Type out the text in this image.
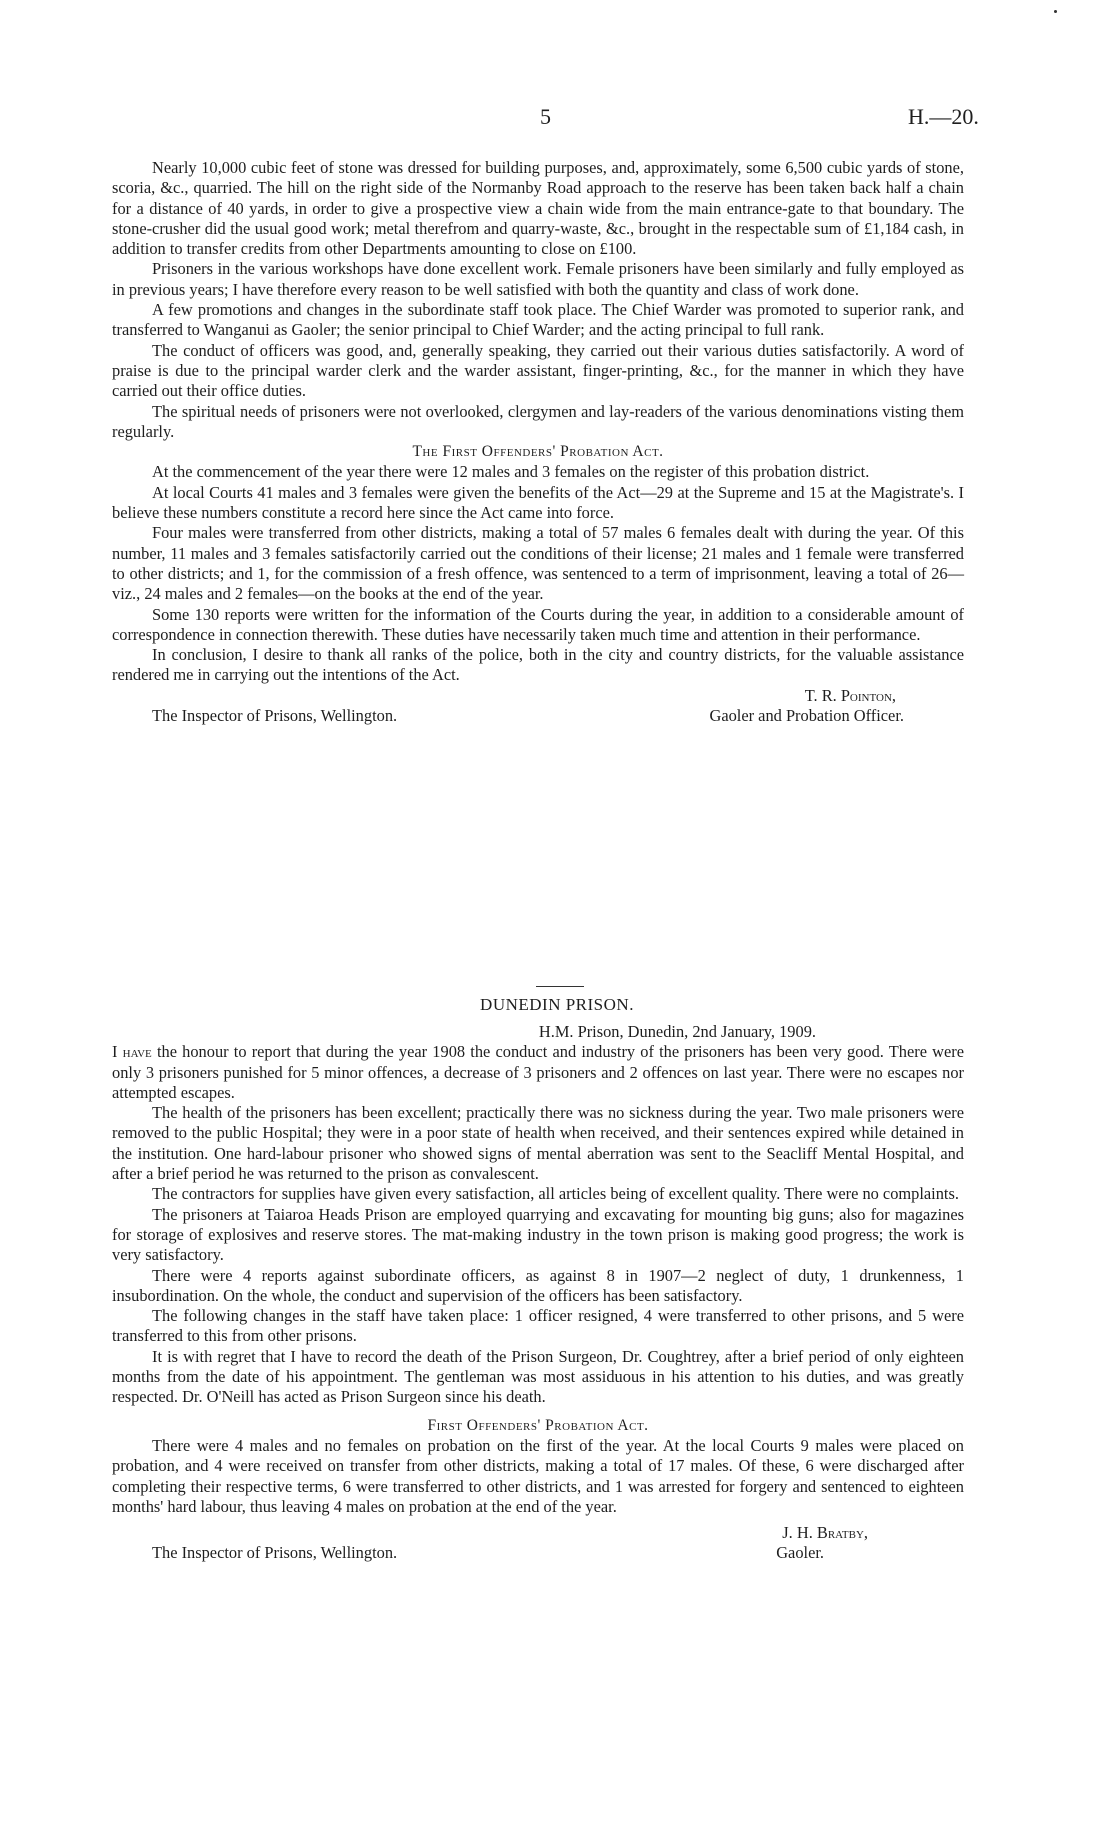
5	H.—20.

Nearly 10,000 cubic feet of stone was dressed for building purposes, and, approximately, some 6,500 cubic yards of stone, scoria, &c., quarried. The hill on the right side of the Normanby Road approach to the reserve has been taken back half a chain for a distance of 40 yards, in order to give a prospective view a chain wide from the main entrance-gate to that boundary. The stone-crusher did the usual good work; metal therefrom and quarry-waste, &c., brought in the respectable sum of £1,184 cash, in addition to transfer credits from other Departments amounting to close on £100.

Prisoners in the various workshops have done excellent work. Female prisoners have been similarly and fully employed as in previous years; I have therefore every reason to be well satisfied with both the quantity and class of work done.

A few promotions and changes in the subordinate staff took place. The Chief Warder was promoted to superior rank, and transferred to Wanganui as Gaoler; the senior principal to Chief Warder; and the acting principal to full rank.

The conduct of officers was good, and, generally speaking, they carried out their various duties satisfactorily. A word of praise is due to the principal warder clerk and the warder assistant, finger-printing, &c., for the manner in which they have carried out their office duties.

The spiritual needs of prisoners were not overlooked, clergymen and lay-readers of the various denominations visting them regularly.

The First Offenders' Probation Act.

At the commencement of the year there were 12 males and 3 females on the register of this probation district.

At local Courts 41 males and 3 females were given the benefits of the Act—29 at the Supreme and 15 at the Magistrate's. I believe these numbers constitute a record here since the Act came into force.

Four males were transferred from other districts, making a total of 57 males 6 females dealt with during the year. Of this number, 11 males and 3 females satisfactorily carried out the conditions of their license; 21 males and 1 female were transferred to other districts; and 1, for the commission of a fresh offence, was sentenced to a term of imprisonment, leaving a total of 26—viz., 24 males and 2 females—on the books at the end of the year.

Some 130 reports were written for the information of the Courts during the year, in addition to a considerable amount of correspondence in connection therewith. These duties have necessarily taken much time and attention in their performance.

In conclusion, I desire to thank all ranks of the police, both in the city and country districts, for the valuable assistance rendered me in carrying out the intentions of the Act.

T. R. Pointon,

The Inspector of Prisons, Wellington.	Gaoler and Probation Officer.
DUNEDIN PRISON.

H.M. Prison, Dunedin, 2nd January, 1909.

I have the honour to report that during the year 1908 the conduct and industry of the prisoners has been very good. There were only 3 prisoners punished for 5 minor offences, a decrease of 3 prisoners and 2 offences on last year. There were no escapes nor attempted escapes.

The health of the prisoners has been excellent; practically there was no sickness during the year. Two male prisoners were removed to the public Hospital; they were in a poor state of health when received, and their sentences expired while detained in the institution. One hard-labour prisoner who showed signs of mental aberration was sent to the Seacliff Mental Hospital, and after a brief period he was returned to the prison as convalescent.

The contractors for supplies have given every satisfaction, all articles being of excellent quality. There were no complaints.

The prisoners at Taiaroa Heads Prison are employed quarrying and excavating for mounting big guns; also for magazines for storage of explosives and reserve stores. The mat-making industry in the town prison is making good progress; the work is very satisfactory.

There were 4 reports against subordinate officers, as against 8 in 1907—2 neglect of duty, 1 drunkenness, 1 insubordination. On the whole, the conduct and supervision of the officers has been satisfactory.

The following changes in the staff have taken place: 1 officer resigned, 4 were transferred to other prisons, and 5 were transferred to this from other prisons.

It is with regret that I have to record the death of the Prison Surgeon, Dr. Coughtrey, after a brief period of only eighteen months from the date of his appointment. The gentleman was most assiduous in his attention to his duties, and was greatly respected. Dr. O'Neill has acted as Prison Surgeon since his death.

First Offenders' Probation Act.

There were 4 males and no females on probation on the first of the year. At the local Courts 9 males were placed on probation, and 4 were received on transfer from other districts, making a total of 17 males. Of these, 6 were discharged after completing their respective terms, 6 were transferred to other districts, and 1 was arrested for forgery and sentenced to eighteen months' hard labour, thus leaving 4 males on probation at the end of the year.

J. H. Bratby,

The Inspector of Prisons, Wellington.	Gaoler.
